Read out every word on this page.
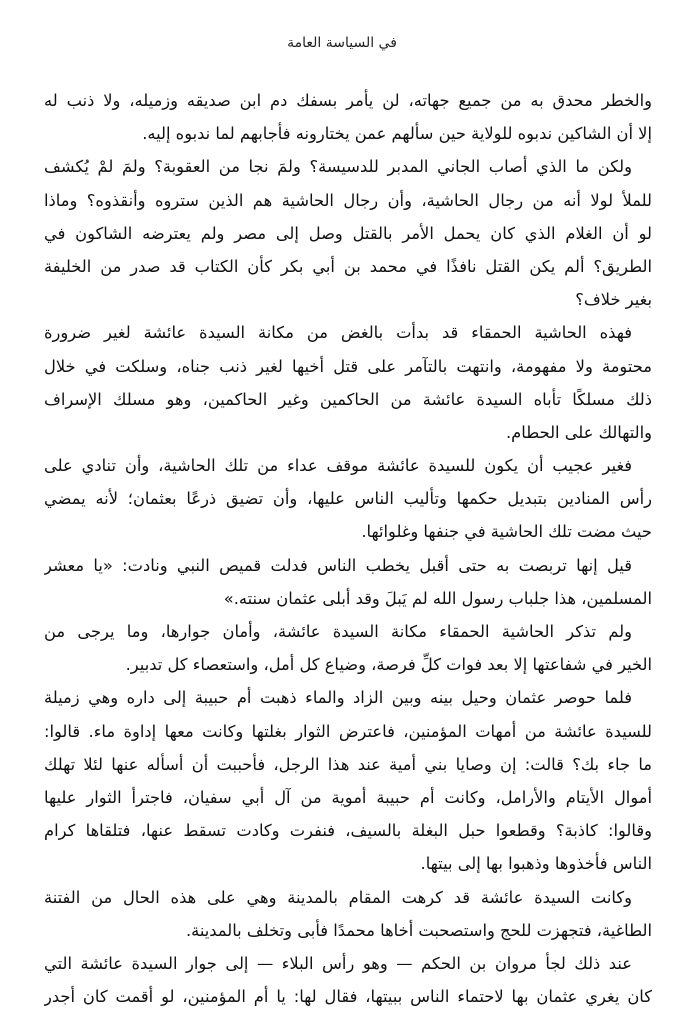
في السياسة العامة
والخطر محدق به من جميع جهاته، لن يأمر بسفك دم ابن صديقه وزميله، ولا ذنب له
إلا أن الشاكين ندبوه للولاية حين سألهم عمن يختارونه فأجابهم لما ندبوه إليه.
ولكن ما الذي أصاب الجاني المدبر للدسيسة؟ ولمَ نجا من العقوبة؟ ولمَ لمْ يُكشف
للملأ لولا أنه من رجال الحاشية، وأن رجال الحاشية هم الذين ستروه وأنقذوه؟ وماذا
لو أن الغلام الذي كان يحمل الأمر بالقتل وصل إلى مصر ولم يعترضه الشاكون في
الطريق؟ ألم يكن القتل نافذًا في محمد بن أبي بكر كأن الكتاب قد صدر من الخليفة
بغير خلاف؟
فهذه الحاشية الحمقاء قد بدأت بالغض من مكانة السيدة عائشة لغير ضرورة
محتومة ولا مفهومة، وانتهت بالتآمر على قتل أخيها لغير ذنب جناه، وسلكت في خلال
ذلك مسلكًا تأباه السيدة عائشة من الحاكمين وغير الحاكمين، وهو مسلك الإسراف
والتهالك على الحطام.
فغير عجيب أن يكون للسيدة عائشة موقف عداء من تلك الحاشية، وأن تنادي على
رأس المنادين بتبديل حكمها وتأليب الناس عليها، وأن تضيق ذرعًا بعثمان؛ لأنه يمضي
حيث مضت تلك الحاشية في جنفها وغلوائها.
قيل إنها تربصت به حتى أقبل يخطب الناس فدلت قميص النبي ونادت: «يا معشر
المسلمين، هذا جلباب رسول الله لم يَبلَ وقد أبلى عثمان سنته.»
ولم تذكر الحاشية الحمقاء مكانة السيدة عائشة، وأمان جوارها، وما يرجى من
الخير في شفاعتها إلا بعد فوات كلِّ فرصة، وضياع كل أمل، واستعصاء كل تدبير.
فلما حوصر عثمان وحيل بينه وبين الزاد والماء ذهبت أم حبيبة إلى داره وهي زميلة
للسيدة عائشة من أمهات المؤمنين، فاعترض الثوار بغلتها وكانت معها إداوة ماء. قالوا:
ما جاء بك؟ قالت: إن وصايا بني أمية عند هذا الرجل، فأحببت أن أسأله عنها لئلا تهلك
أموال الأيتام والأرامل، وكانت أم حبيبة أموية من آل أبي سفيان، فاجترأ الثوار عليها
وقالوا: كاذبة؟ وقطعوا حبل البغلة بالسيف، فنفرت وكادت تسقط عنها، فتلقاها كرام
الناس فأخذوها وذهبوا بها إلى بيتها.
وكانت السيدة عائشة قد كرهت المقام بالمدينة وهي على هذه الحال من الفتنة
الطاغية، فتجهزت للحج واستصحبت أخاها محمدًا فأبى وتخلف بالمدينة.
عند ذلك لجأ مروان بن الحكم — وهو رأس البلاء — إلى جوار السيدة عائشة التي
كان يغري عثمان بها لاحتماء الناس ببيتها، فقال لها: يا أم المؤمنين، لو أقمت كان أجدر
